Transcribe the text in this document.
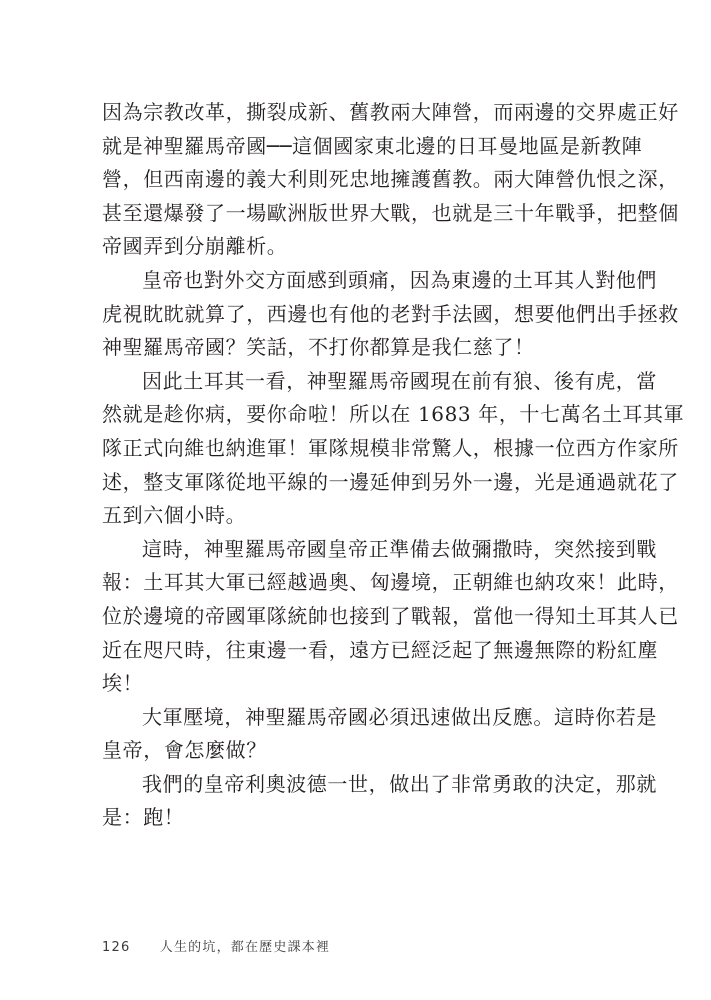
因為宗教改革，撕裂成新、舊教兩大陣營，而兩邊的交界處正好
就是神聖羅馬帝國──這個國家東北邊的日耳曼地區是新教陣
營，但西南邊的義大利則死忠地擁護舊教。兩大陣營仇恨之深，
甚至還爆發了一場歐洲版世界大戰，也就是三十年戰爭，把整個
帝國弄到分崩離析。
皇帝也對外交方面感到頭痛，因為東邊的土耳其人對他們
虎視眈眈就算了，西邊也有他的老對手法國，想要他們出手拯救
神聖羅馬帝國？笑話，不打你都算是我仁慈了！
因此土耳其一看，神聖羅馬帝國現在前有狼、後有虎，當
然就是趁你病，要你命啦！所以在 1683 年，十七萬名土耳其軍
隊正式向維也納進軍！軍隊規模非常驚人，根據一位西方作家所
述，整支軍隊從地平線的一邊延伸到另外一邊，光是通過就花了
五到六個小時。
這時，神聖羅馬帝國皇帝正準備去做彌撒時，突然接到戰
報：土耳其大軍已經越過奧、匈邊境，正朝維也納攻來！此時，
位於邊境的帝國軍隊統帥也接到了戰報，當他一得知土耳其人已
近在咫尺時，往東邊一看，遠方已經泛起了無邊無際的粉紅塵
埃！
大軍壓境，神聖羅馬帝國必須迅速做出反應。這時你若是
皇帝，會怎麼做？
我們的皇帝利奧波德一世，做出了非常勇敢的決定，那就
是：跑！
126 人生的坑，都在歷史課本裡
